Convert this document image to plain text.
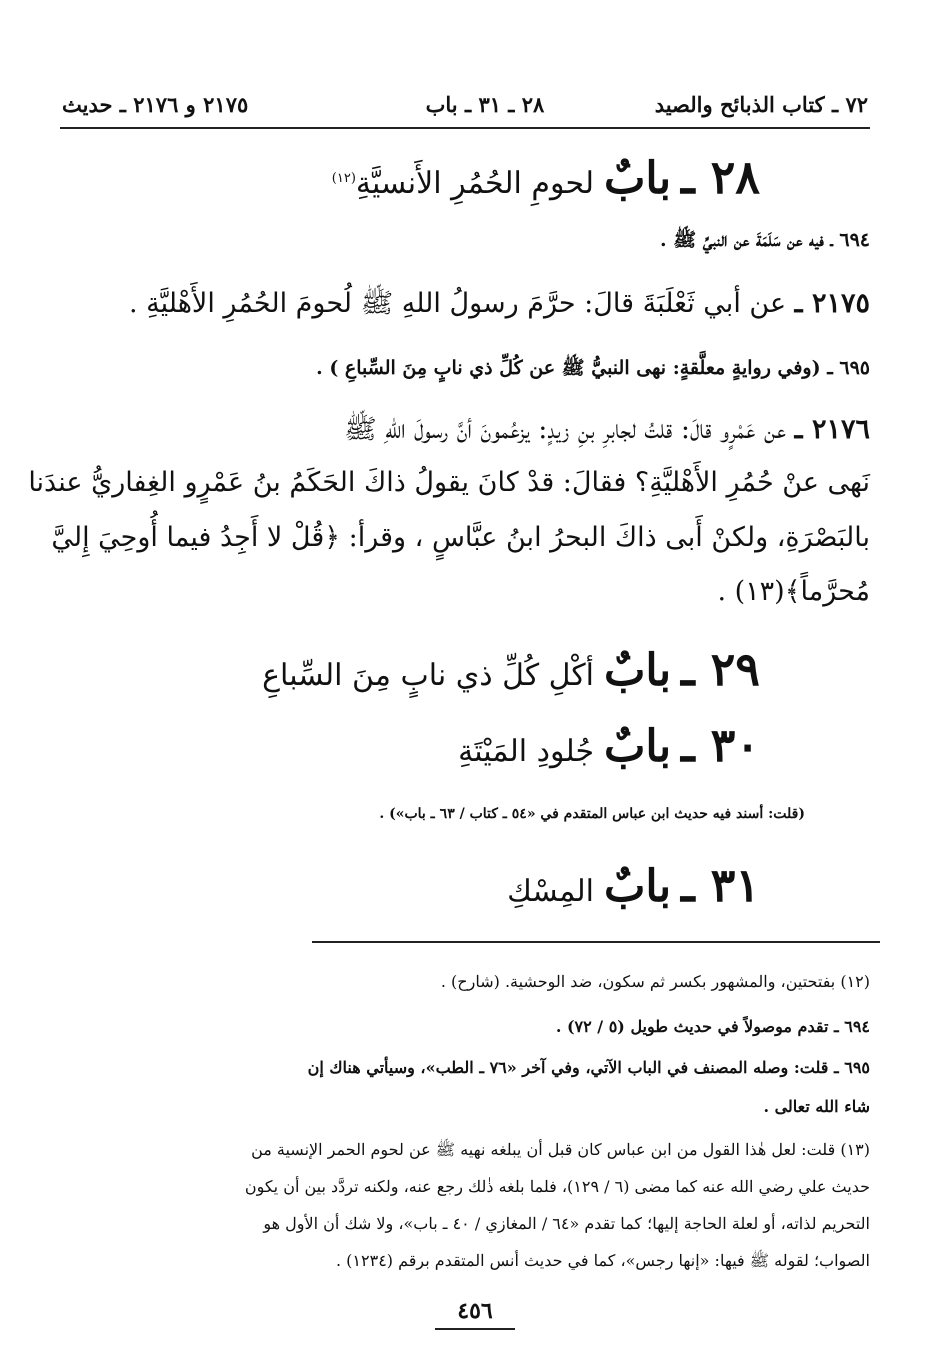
٧٢ ـ كتاب الذبائح والصيد
٢٨ ـ ٣١ ـ باب
٢١٧٥ و ٢١٧٦ ـ حديث
٢٨ ـ
بابٌ
لحومِ الحُمُرِ الأَنسيَّةِ$^{(١٢)}$
٦٩٤ ـ فيه عن سَلَمَةَ عن النبيِّ ﷺ .
٢١٧٥ ـ عن أبي ثَعْلَبَةَ قالَ: حرَّمَ رسولُ اللهِ ﷺ لُحومَ الحُمُرِ الأَهْليَّةِ .
٦٩٥ ـ (وفي روايةٍ معلَّقةٍ: نهى النبيُّ ﷺ عن كُلِّ ذي نابٍ مِنَ السِّباعِ ) .
٢١٧٦ ـ عن عَمْرٍو قالَ: قلتُ لجابرِ بنِ زيدٍ: يزعُمونَ أنَّ رسولَ اللهِ ﷺ
نَهى عنْ حُمُرِ الأَهْليَّةِ؟ فقالَ: قدْ كانَ يقولُ ذاكَ الحَكَمُ بنُ عَمْرٍو الغِفاريُّ عندَنا
بالبَصْرَةِ، ولكنْ أَبى ذاكَ البحرُ ابنُ عبَّاسٍ ، وقرأ: ﴿قُلْ لا أَجِدُ فيما أُوحِيَ إِليَّ
مُحرَّماً﴾(١٣) .
٢٩ ـ
بابٌ
أكْلِ كُلِّ ذي نابٍ مِنَ السِّباعِ
٣٠ ـ
بابٌ
جُلودِ المَيْتَةِ
(قلت: أسند فيه حديث ابن عباس المتقدم في «٥٤ ـ كتاب / ٦٣ ـ باب») .
٣١ ـ
بابٌ
المِسْكِ
(١٢) بفتحتين، والمشهور بكسر ثم سكون، ضد الوحشية. (شارح) .
٦٩٤ ـ تقدم موصولاً في حديث طويل (٥ / ٧٢) .
٦٩٥ ـ قلت: وصله المصنف في الباب الآتي، وفي آخر «٧٦ ـ الطب»، وسيأتي هناك إن
شاء الله تعالى .
(١٣) قلت: لعل هٰذا القول من ابن عباس كان قبل أن يبلغه نهيه ﷺ عن لحوم الحمر الإنسية من
حديث علي رضي الله عنه كما مضى (٦ / ١٢٩)، فلما بلغه ذٰلك رجع عنه، ولكنه تردَّد بين أن يكون
التحريم لذاته، أو لعلة الحاجة إليها؛ كما تقدم «٦٤ / المغازي / ٤٠ ـ باب»، ولا شك أن الأول هو
الصواب؛ لقوله ﷺ فيها: «إنها رجس»، كما في حديث أنس المتقدم برقم (١٢٣٤) .
٤٥٦
